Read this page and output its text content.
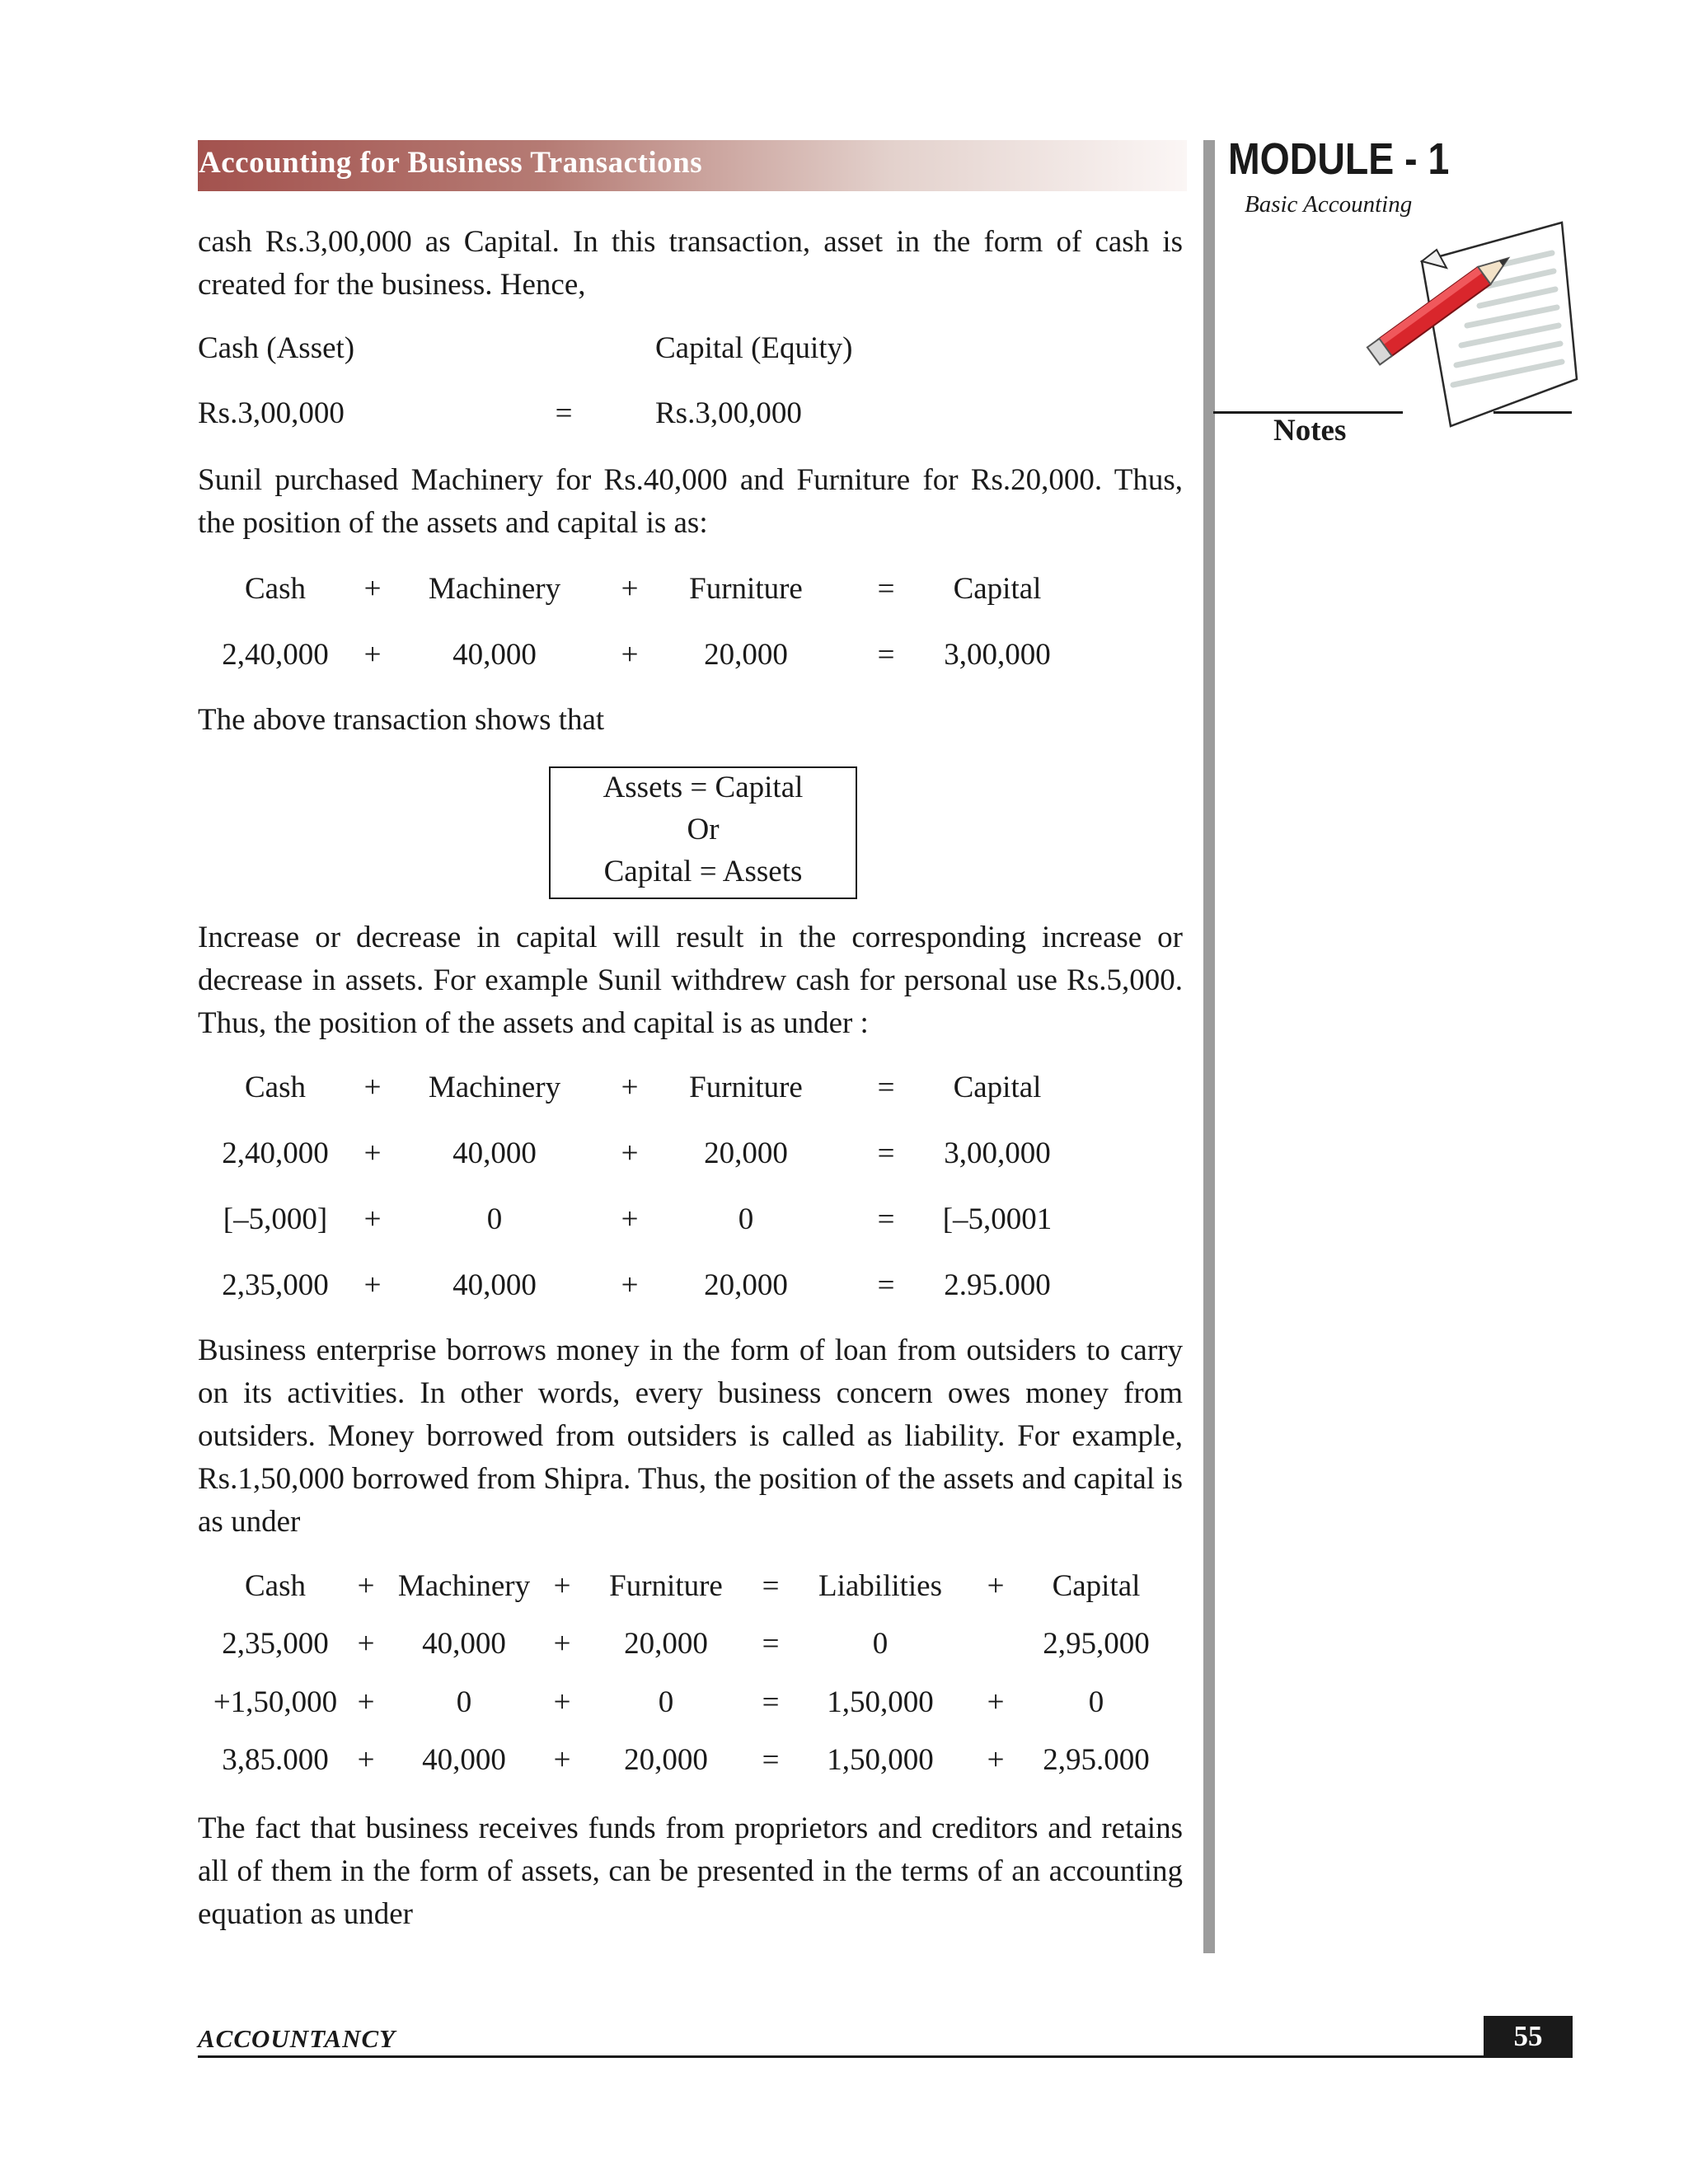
Accounting for Business Transactions	MODULE - 1
Basic Accounting
Notes

cash Rs.3,00,000 as Capital. In this transaction, asset in the form of cash is created for the business. Hence,

Cash (Asset)	Capital (Equity)
Rs.3,00,000	=	Rs.3,00,000

Sunil purchased Machinery for Rs.40,000 and Furniture for Rs.20,000. Thus, the position of the assets and capital is as:

Cash + Machinery + Furniture = Capital
2,40,000 + 40,000	+ 20,000	= 3,00,000

The above transaction shows that

Assets = Capital
Or
Capital = Assets

Increase or decrease in capital will result in the corresponding increase or decrease in assets. For example Sunil withdrew cash for personal use Rs.5,000. Thus, the position of the assets and capital is as under :

Cash + Machinery + Furniture = Capital
2,40,000 + 40,000	+ 20,000	= 3,00,000
[–5,000] +	0	+	0	= [–5,0001
2,35,000 + 40,000	+ 20,000	= 2.95.000

Business enterprise borrows money in the form of loan from outsiders to carry on its activities. In other words, every business concern owes money from outsiders. Money borrowed from outsiders is called as liability. For example, Rs.1,50,000 borrowed from Shipra. Thus, the position of the assets and capital is as under

Cash + Machinery + Furniture = Liabilities + Capital
2,35,000 + 40,000 + 20,000 =	0	2,95,000
+1,50,000 +	0	+	0	= 1,50,000 +	0
3,85.000 + 40,000 + 20,000 = 1,50,000 + 2,95.000

The fact that business receives funds from proprietors and creditors and retains all of them in the form of assets, can be presented in the terms of an accounting equation as under

ACCOUNTANCY	55
